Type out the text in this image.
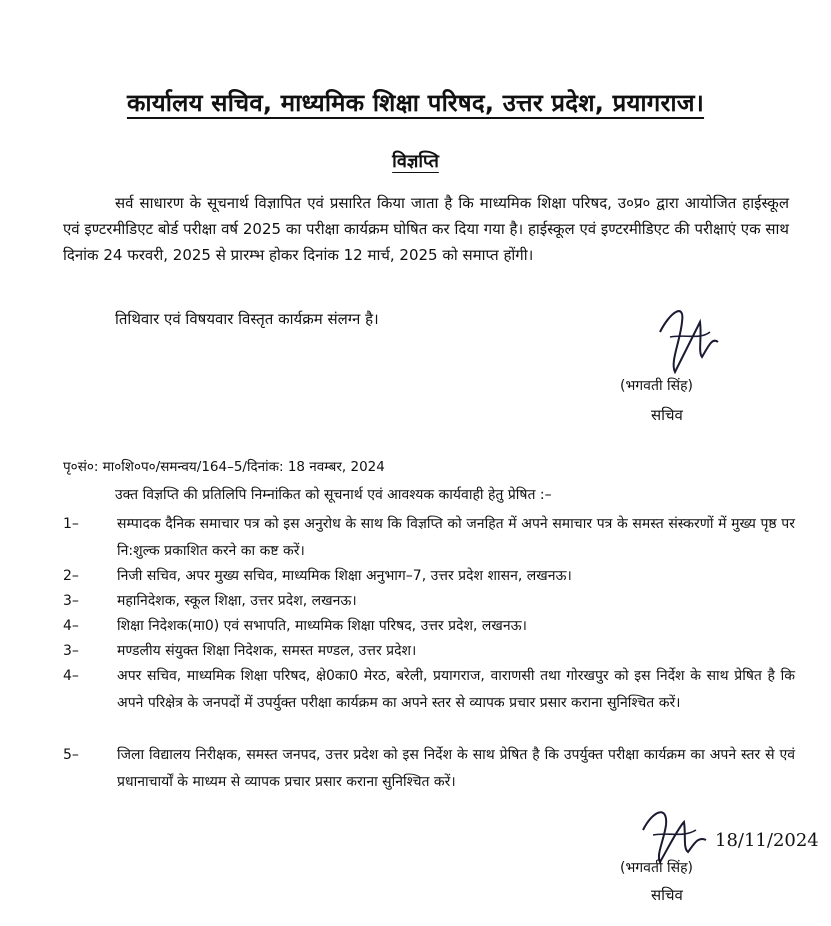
कार्यालय सचिव, माध्यमिक शिक्षा परिषद, उत्तर प्रदेश, प्रयागराज।
विज्ञप्ति
सर्व साधारण के सूचनार्थ विज्ञापित एवं प्रसारित किया जाता है कि माध्यमिक शिक्षा परिषद, उ०प्र० द्वारा आयोजित हाईस्कूल एवं इण्टरमीडिएट बोर्ड परीक्षा वर्ष 2025 का परीक्षा कार्यक्रम घोषित कर दिया गया है। हाईस्कूल एवं इण्टरमीडिएट की परीक्षाएं एक साथ दिनांक 24 फरवरी, 2025 से प्रारम्भ होकर दिनांक 12 मार्च, 2025 को समाप्त होंगी।
तिथिवार एवं विषयवार विस्तृत कार्यक्रम संलग्न है।
(भगवती सिंह)
सचिव
पृ०सं०: मा०शि०प०/समन्वय/164–5/दिनांक: 18 नवम्बर, 2024
उक्त विज्ञप्ति की प्रतिलिपि निम्नांकित को सूचनार्थ एवं आवश्यक कार्यवाही हेतु प्रेषित :–
1–	सम्पादक दैनिक समाचार पत्र को इस अनुरोध के साथ कि विज्ञप्ति को जनहित में अपने समाचार पत्र के समस्त संस्करणों में मुख्य पृष्ठ पर नि:शुल्क प्रकाशित करने का कष्ट करें।
2–	निजी सचिव, अपर मुख्य सचिव, माध्यमिक शिक्षा अनुभाग–7, उत्तर प्रदेश शासन, लखनऊ।
3–	महानिदेशक, स्कूल शिक्षा, उत्तर प्रदेश, लखनऊ।
4–	शिक्षा निदेशक(मा0) एवं सभापति, माध्यमिक शिक्षा परिषद, उत्तर प्रदेश, लखनऊ।
3–	मण्डलीय संयुक्त शिक्षा निदेशक, समस्त मण्डल, उत्तर प्रदेश।
4–	अपर सचिव, माध्यमिक शिक्षा परिषद, क्षे0का0 मेरठ, बरेली, प्रयागराज, वाराणसी तथा गोरखपुर को इस निर्देश के साथ प्रेषित है कि अपने परिक्षेत्र के जनपदों में उपर्युक्त परीक्षा कार्यक्रम का अपने स्तर से व्यापक प्रचार प्रसार कराना सुनिश्चित करें।
5–	जिला विद्यालय निरीक्षक, समस्त जनपद, उत्तर प्रदेश को इस निर्देश के साथ प्रेषित है कि उपर्युक्त परीक्षा कार्यक्रम का अपने स्तर से एवं प्रधानाचार्यों के माध्यम से व्यापक प्रचार प्रसार कराना सुनिश्चित करें।
18/11/2024
(भगवती सिंह)
सचिव
